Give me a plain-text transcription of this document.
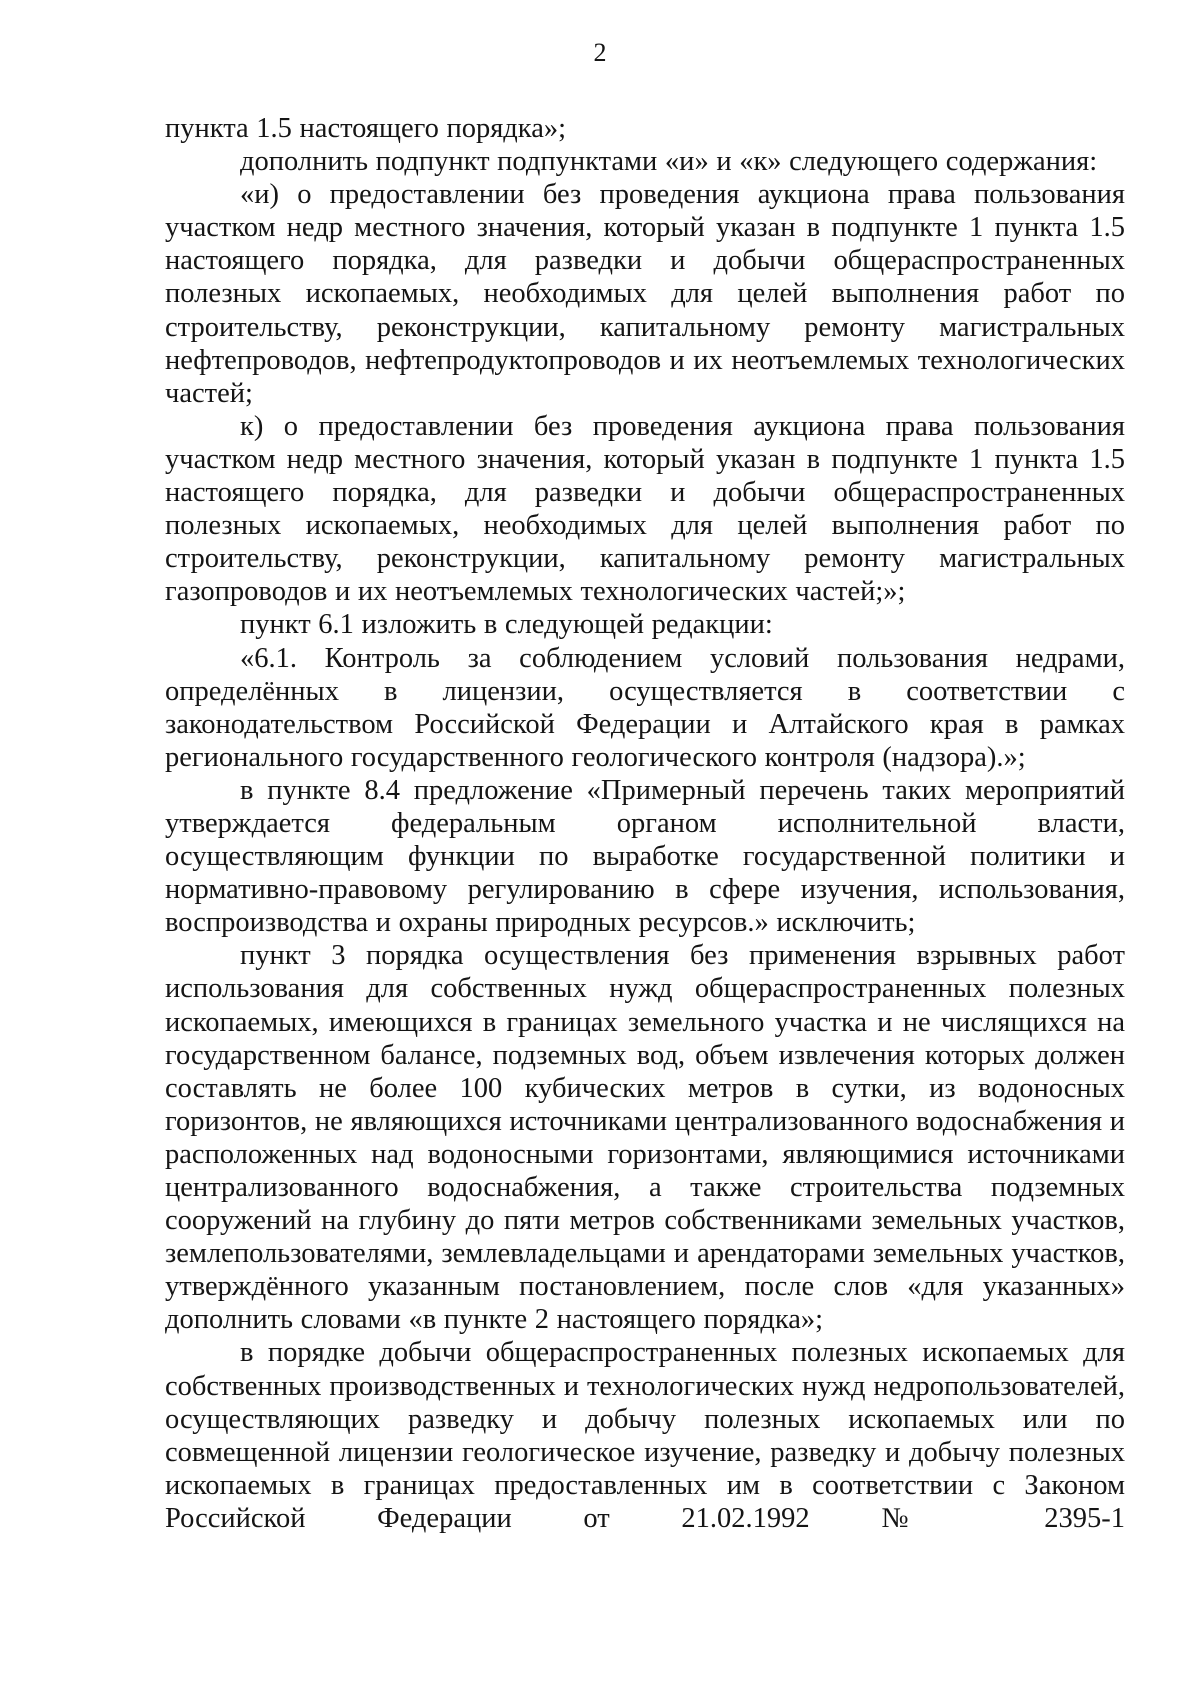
2

пункта 1.5 настоящего порядка»;

дополнить подпункт подпунктами «и» и «к» следующего содержания:

«и) о предоставлении без проведения аукциона права пользования участком недр местного значения, который указан в подпункте 1 пункта 1.5 настоящего порядка, для разведки и добычи общераспространенных полезных ископаемых, необходимых для целей выполнения работ по строительству, реконструкции, капитальному ремонту магистральных нефтепроводов, нефтепродуктопроводов и их неотъемлемых технологических частей;

к) о предоставлении без проведения аукциона права пользования участком недр местного значения, который указан в подпункте 1 пункта 1.5 настоящего порядка, для разведки и добычи общераспространенных полезных ископаемых, необходимых для целей выполнения работ по строительству, реконструкции, капитальному ремонту магистральных газопроводов и их неотъемлемых технологических частей;»;

пункт 6.1 изложить в следующей редакции:

«6.1. Контроль за соблюдением условий пользования недрами, определённых в лицензии, осуществляется в соответствии с законодательством Российской Федерации и Алтайского края в рамках регионального государственного геологического контроля (надзора).»;

в пункте 8.4 предложение «Примерный перечень таких мероприятий утверждается федеральным органом исполнительной власти, осуществляющим функции по выработке государственной политики и нормативно-правовому регулированию в сфере изучения, использования, воспроизводства и охраны природных ресурсов.» исключить;

пункт 3 порядка осуществления без применения взрывных работ использования для собственных нужд общераспространенных полезных ископаемых, имеющихся в границах земельного участка и не числящихся на государственном балансе, подземных вод, объем извлечения которых должен составлять не более 100 кубических метров в сутки, из водоносных горизонтов, не являющихся источниками централизованного водоснабжения и расположенных над водоносными горизонтами, являющимися источниками централизованного водоснабжения, а также строительства подземных сооружений на глубину до пяти метров собственниками земельных участков, землепользователями, землевладельцами и арендаторами земельных участков, утверждённого указанным постановлением, после слов «для указанных» дополнить словами «в пункте 2 настоящего порядка»;

в порядке добычи общераспространенных полезных ископаемых для собственных производственных и технологических нужд недропользователей, осуществляющих разведку и добычу полезных ископаемых или по совмещенной лицензии геологическое изучение, разведку и добычу полезных ископаемых в границах предоставленных им в соответствии с Законом Российской Федерации от 21.02.1992 № 2395-1
